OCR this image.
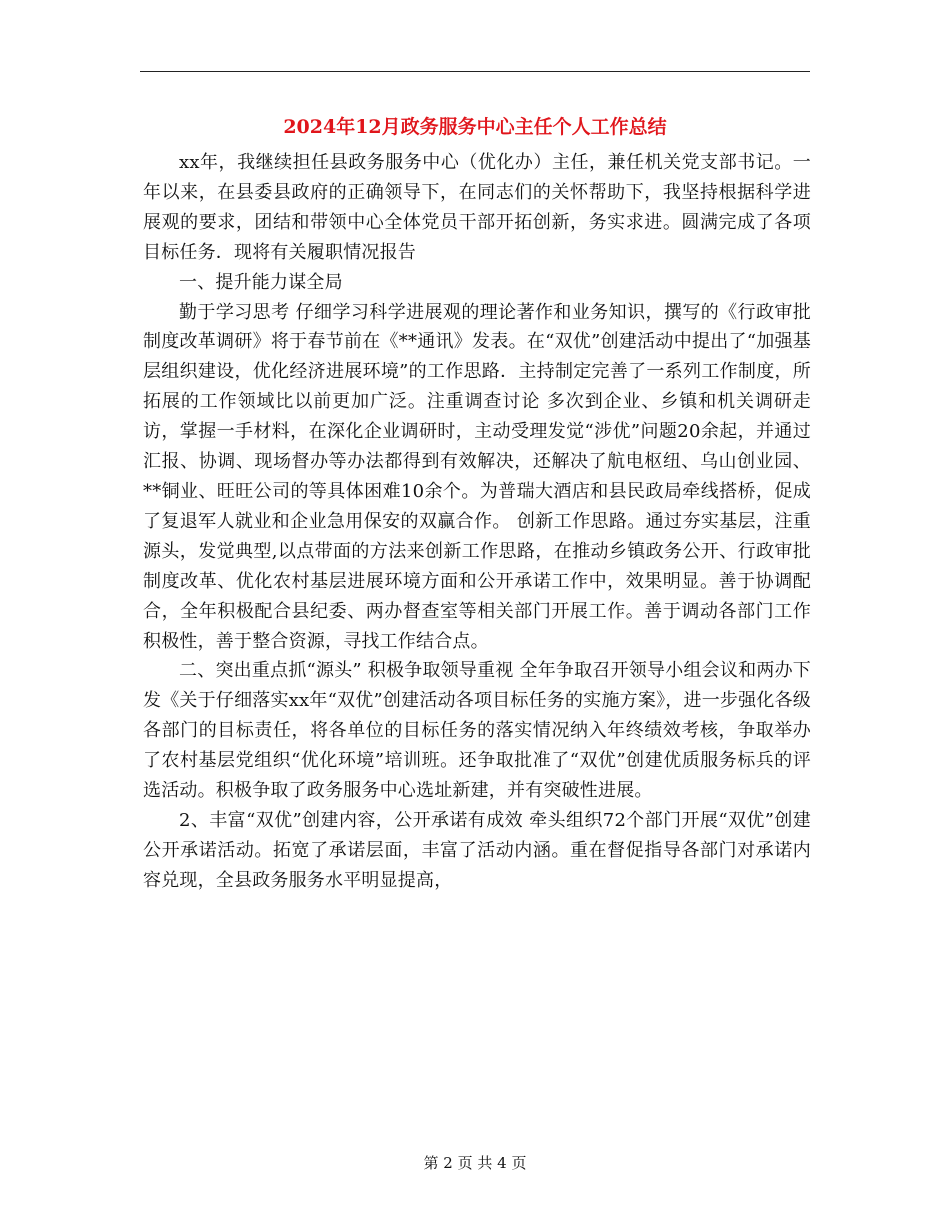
2024年12月政务服务中心主任个人工作总结

xx年，我继续担任县政务服务中心（优化办）主任，兼任机关党支部书记。一年以来，在县委县政府的正确领导下，在同志们的关怀帮助下，我坚持根据科学进展观的要求，团结和带领中心全体党员干部开拓创新，务实求进。圆满完成了各项目标任务．现将有关履职情况报告

一、提升能力谋全局

勤于学习思考 仔细学习科学进展观的理论著作和业务知识，撰写的《行政审批制度改革调研》将于春节前在《**通讯》发表。在“双优”创建活动中提出了“加强基层组织建设，优化经济进展环境”的工作思路．主持制定完善了一系列工作制度，所拓展的工作领域比以前更加广泛。注重调查讨论 多次到企业、乡镇和机关调研走访，掌握一手材料，在深化企业调研时，主动受理发觉“涉优”问题20余起，并通过汇报、协调、现场督办等办法都得到有效解决，还解决了航电枢纽、乌山创业园、**铜业、旺旺公司的等具体困难10余个。为普瑞大酒店和县民政局牵线搭桥，促成了复退军人就业和企业急用保安的双赢合作。 创新工作思路。通过夯实基层，注重源头，发觉典型,以点带面的方法来创新工作思路，在推动乡镇政务公开、行政审批制度改革、优化农村基层进展环境方面和公开承诺工作中，效果明显。善于协调配合，全年积极配合县纪委、两办督查室等相关部门开展工作。善于调动各部门工作积极性，善于整合资源，寻找工作结合点。

二、突出重点抓“源头” 积极争取领导重视 全年争取召开领导小组会议和两办下发《关于仔细落实xx年“双优”创建活动各项目标任务的实施方案》，进一步强化各级各部门的目标责任，将各单位的目标任务的落实情况纳入年终绩效考核，争取举办了农村基层党组织“优化环境”培训班。还争取批准了“双优”创建优质服务标兵的评选活动。积极争取了政务服务中心选址新建，并有突破性进展。

2、丰富“双优”创建内容，公开承诺有成效 牵头组织72个部门开展“双优”创建公开承诺活动。拓宽了承诺层面，丰富了活动内涵。重在督促指导各部门对承诺内容兑现，全县政务服务水平明显提高，

第 2 页 共 4 页
